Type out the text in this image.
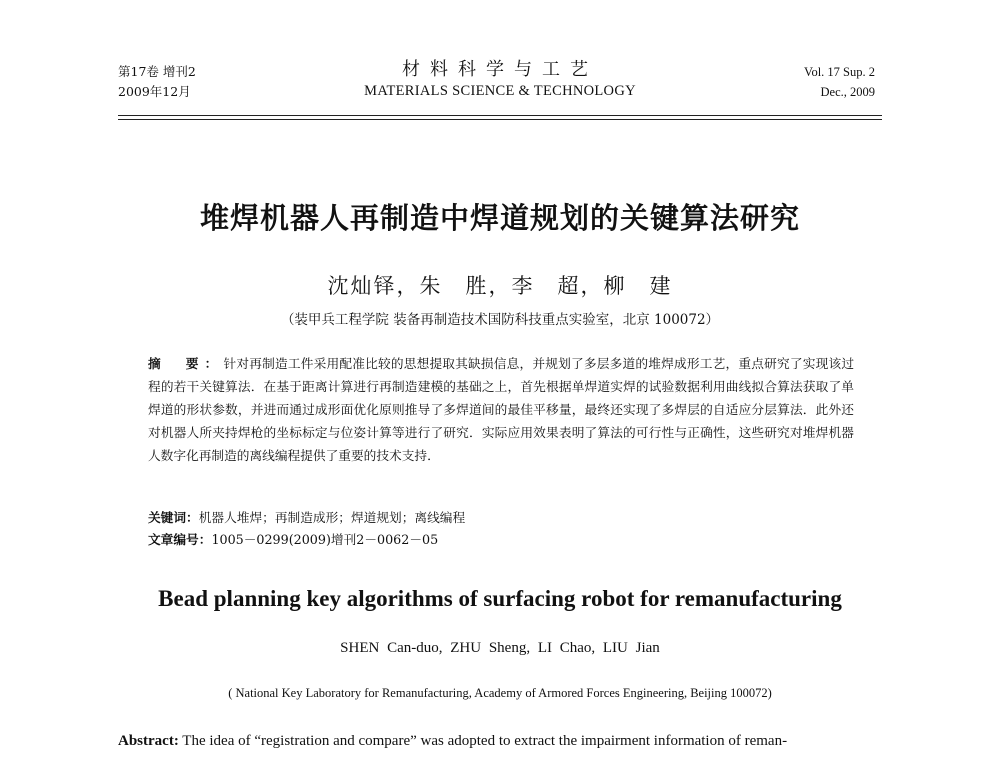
第17卷 增刊2
2009年12月
材料科学与工艺
MATERIALS SCIENCE & TECHNOLOGY
Vol. 17 Sup. 2
Dec., 2009
堆焊机器人再制造中焊道规划的关键算法研究
沈灿铎，朱　胜，李　超，柳　建
（装甲兵工程学院 装备再制造技术国防科技重点实验室，北京 100072）
摘　要：针对再制造工件采用配准比较的思想提取其缺损信息，并规划了多层多道的堆焊成形工艺，重点研究了实现该过程的若干关键算法．在基于距离计算进行再制造建模的基础之上，首先根据单焊道实焊的试验数据利用曲线拟合算法获取了单焊道的形状参数，并进而通过成形面优化原则推导了多焊道间的最佳平移量，最终还实现了多焊层的自适应分层算法．此外还对机器人所夹持焊枪的坐标标定与位姿计算等进行了研究．实际应用效果表明了算法的可行性与正确性，这些研究对堆焊机器人数字化再制造的离线编程提供了重要的技术支持．
关键词：机器人堆焊；再制造成形；焊道规划；离线编程
文章编号：1005－0299(2009)增刊2－0062－05
Bead planning key algorithms of surfacing robot for remanufacturing
SHEN Can-duo, ZHU Sheng, LI Chao, LIU Jian
( National Key Laboratory for Remanufacturing, Academy of Armored Forces Engineering, Beijing 100072)
Abstract: The idea of “registration and compare” was adopted to extract the impairment information of reman-
